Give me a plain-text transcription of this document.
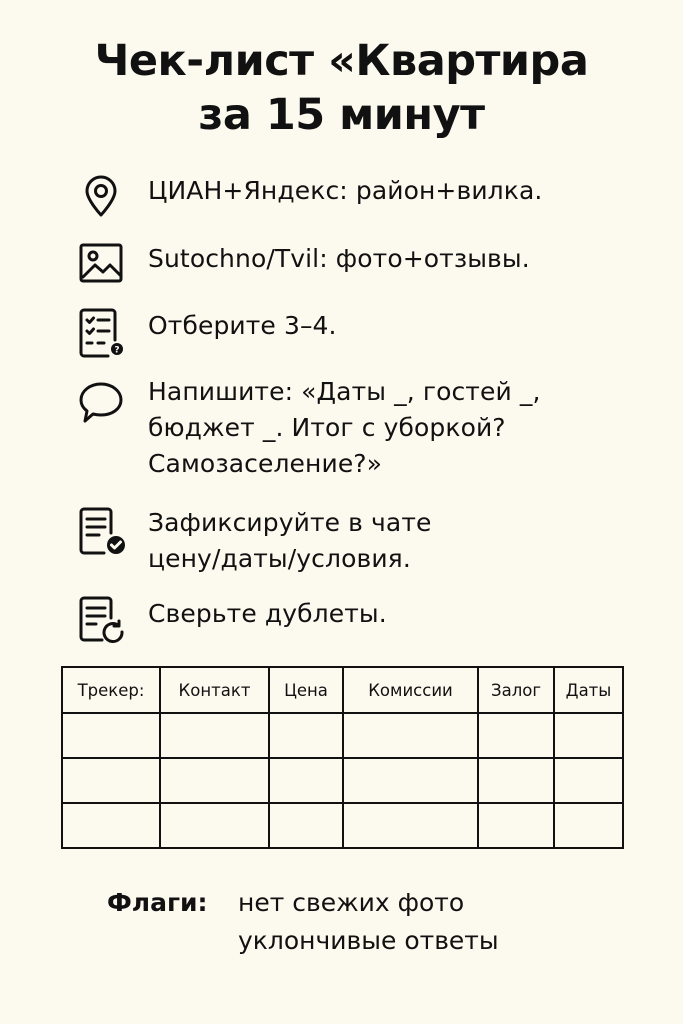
Чек-лист «Квартира
за 15 минут
ЦИАН+Яндекс: район+вилка.
Sutochno/Tvil: фото+отзывы.
?
Отберите 3–4.
Напишите: «Даты _, гостей _,
бюджет _. Итог с уборкой?
Самозаселение?»
Зафиксируйте в чате
цену/даты/условия.
Сверьте дублеты.
Трекер:	Контакт	Цена	Комиссии	Залог	Даты

Флаги: нет свежих фото
уклончивые ответы
